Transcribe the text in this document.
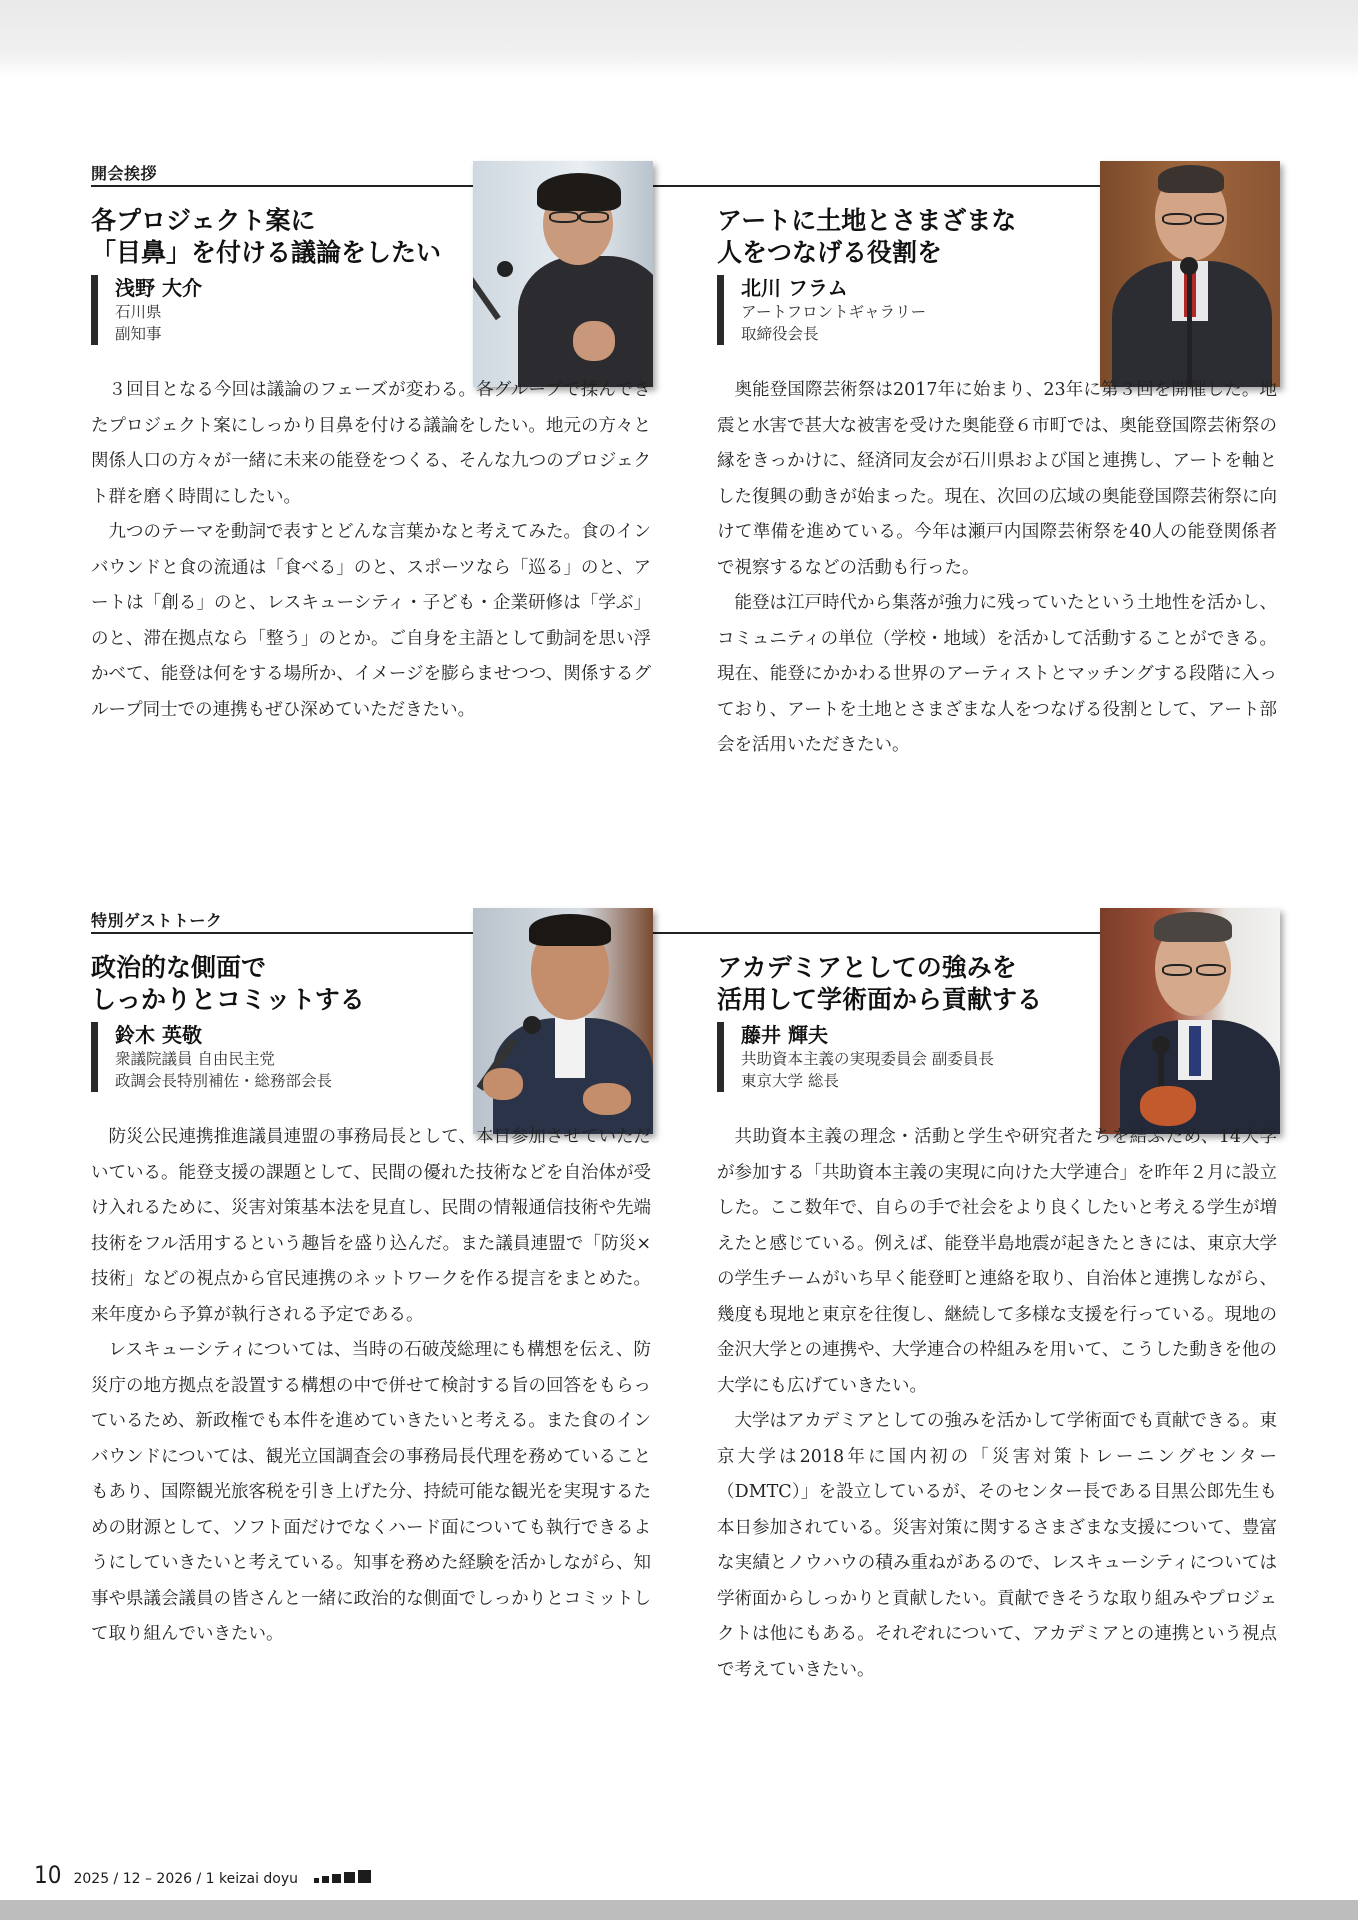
開会挨拶
特別ゲストトーク
各プロジェクト案に
「目鼻」を付ける議論をしたい
浅野 大介
石川県
副知事

３回目となる今回は議論のフェーズが変わる。各グループで揉んできたプロジェクト案にしっかり目鼻を付ける議論をしたい。地元の方々と関係人口の方々が一緒に未来の能登をつくる、そんな九つのプロジェクト群を磨く時間にしたい。

九つのテーマを動詞で表すとどんな言葉かなと考えてみた。食のインバウンドと食の流通は「食べる」のと、スポーツなら「巡る」のと、アートは「創る」のと、レスキューシティ・子ども・企業研修は「学ぶ」のと、滞在拠点なら「整う」のとか。ご自身を主語として動詞を思い浮かべて、能登は何をする場所か、イメージを膨らませつつ、関係するグループ同士での連携もぜひ深めていただきたい。

アートに土地とさまざまな
人をつなげる役割を
北川 フラム
アートフロントギャラリー
取締役会長

奥能登国際芸術祭は2017年に始まり、23年に第３回を開催した。地震と水害で甚大な被害を受けた奥能登６市町では、奥能登国際芸術祭の縁をきっかけに、経済同友会が石川県および国と連携し、アートを軸とした復興の動きが始まった。現在、次回の広域の奥能登国際芸術祭に向けて準備を進めている。今年は瀬戸内国際芸術祭を40人の能登関係者で視察するなどの活動も行った。

能登は江戸時代から集落が強力に残っていたという土地性を活かし、コミュニティの単位（学校・地域）を活かして活動することができる。現在、能登にかかわる世界のアーティストとマッチングする段階に入っており、アートを土地とさまざまな人をつなげる役割として、アート部会を活用いただきたい。

政治的な側面で
しっかりとコミットする
鈴木 英敬
衆議院議員 自由民主党
政調会長特別補佐・総務部会長

防災公民連携推進議員連盟の事務局長として、本日参加させていただいている。能登支援の課題として、民間の優れた技術などを自治体が受け入れるために、災害対策基本法を見直し、民間の情報通信技術や先端技術をフル活用するという趣旨を盛り込んだ。また議員連盟で「防災×技術」などの視点から官民連携のネットワークを作る提言をまとめた。来年度から予算が執行される予定である。

レスキューシティについては、当時の石破茂総理にも構想を伝え、防災庁の地方拠点を設置する構想の中で併せて検討する旨の回答をもらっているため、新政権でも本件を進めていきたいと考える。また食のインバウンドについては、観光立国調査会の事務局長代理を務めていることもあり、国際観光旅客税を引き上げた分、持続可能な観光を実現するための財源として、ソフト面だけでなくハード面についても執行できるようにしていきたいと考えている。知事を務めた経験を活かしながら、知事や県議会議員の皆さんと一緒に政治的な側面でしっかりとコミットして取り組んでいきたい。

アカデミアとしての強みを
活用して学術面から貢献する
藤井 輝夫
共助資本主義の実現委員会 副委員長
東京大学 総長

共助資本主義の理念・活動と学生や研究者たちを結ぶため、14大学が参加する「共助資本主義の実現に向けた大学連合」を昨年２月に設立した。ここ数年で、自らの手で社会をより良くしたいと考える学生が増えたと感じている。例えば、能登半島地震が起きたときには、東京大学の学生チームがいち早く能登町と連絡を取り、自治体と連携しながら、幾度も現地と東京を往復し、継続して多様な支援を行っている。現地の金沢大学との連携や、大学連合の枠組みを用いて、こうした動きを他の大学にも広げていきたい。

大学はアカデミアとしての強みを活かして学術面でも貢献できる。東京大学は2018年に国内初の「災害対策トレーニングセンター（DMTC）」を設立しているが、そのセンター長である目黒公郎先生も本日参加されている。災害対策に関するさまざまな支援について、豊富な実績とノウハウの積み重ねがあるので、レスキューシティについては学術面からしっかりと貢献したい。貢献できそうな取り組みやプロジェクトは他にもある。それぞれについて、アカデミアとの連携という視点で考えていきたい。

10 2025 / 12 – 2026 / 1 keizai doyu
